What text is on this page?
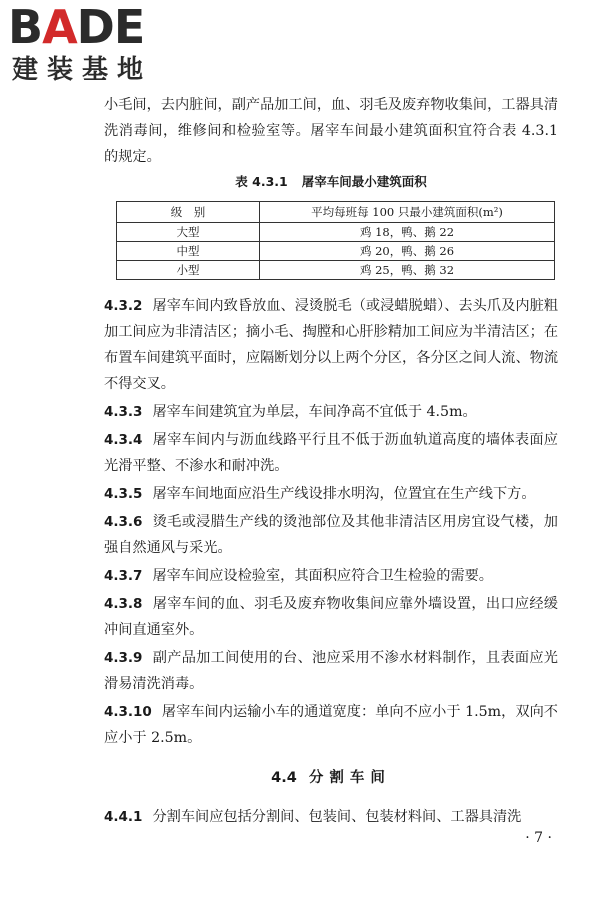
BADE
建装基地

小毛间，去内脏间，副产品加工间，血、羽毛及废弃物收集间，工器具清洗消毒间，维修间和检验室等。屠宰车间最小建筑面积宜符合表 4.3.1 的规定。

表 4.3.1 屠宰车间最小建筑面积
级　别	平均每班每 100 只最小建筑面积(m²)
大型	鸡 18，鸭、鹅 22
中型	鸡 20，鸭、鹅 26
小型	鸡 25，鸭、鹅 32

4.3.2 屠宰车间内致昏放血、浸烫脱毛（或浸蜡脱蜡）、去头爪及内脏粗加工间应为非清洁区；摘小毛、掏膛和心肝胗精加工间应为半清洁区；在布置车间建筑平面时，应隔断划分以上两个分区，各分区之间人流、物流不得交叉。

4.3.3 屠宰车间建筑宜为单层，车间净高不宜低于 4.5m。

4.3.4 屠宰车间内与沥血线路平行且不低于沥血轨道高度的墙体表面应光滑平整、不渗水和耐冲洗。

4.3.5 屠宰车间地面应沿生产线设排水明沟，位置宜在生产线下方。

4.3.6 烫毛或浸腊生产线的烫池部位及其他非清洁区用房宜设气楼，加强自然通风与采光。

4.3.7 屠宰车间应设检验室，其面积应符合卫生检验的需要。

4.3.8 屠宰车间的血、羽毛及废弃物收集间应靠外墙设置，出口应经缓冲间直通室外。

4.3.9 副产品加工间使用的台、池应采用不渗水材料制作，且表面应光滑易清洗消毒。

4.3.10 屠宰车间内运输小车的通道宽度：单向不应小于 1.5m，双向不应小于 2.5m。

4.4 分割车间

4.4.1 分割车间应包括分割间、包装间、包装材料间、工器具清洗

· 7 ·
